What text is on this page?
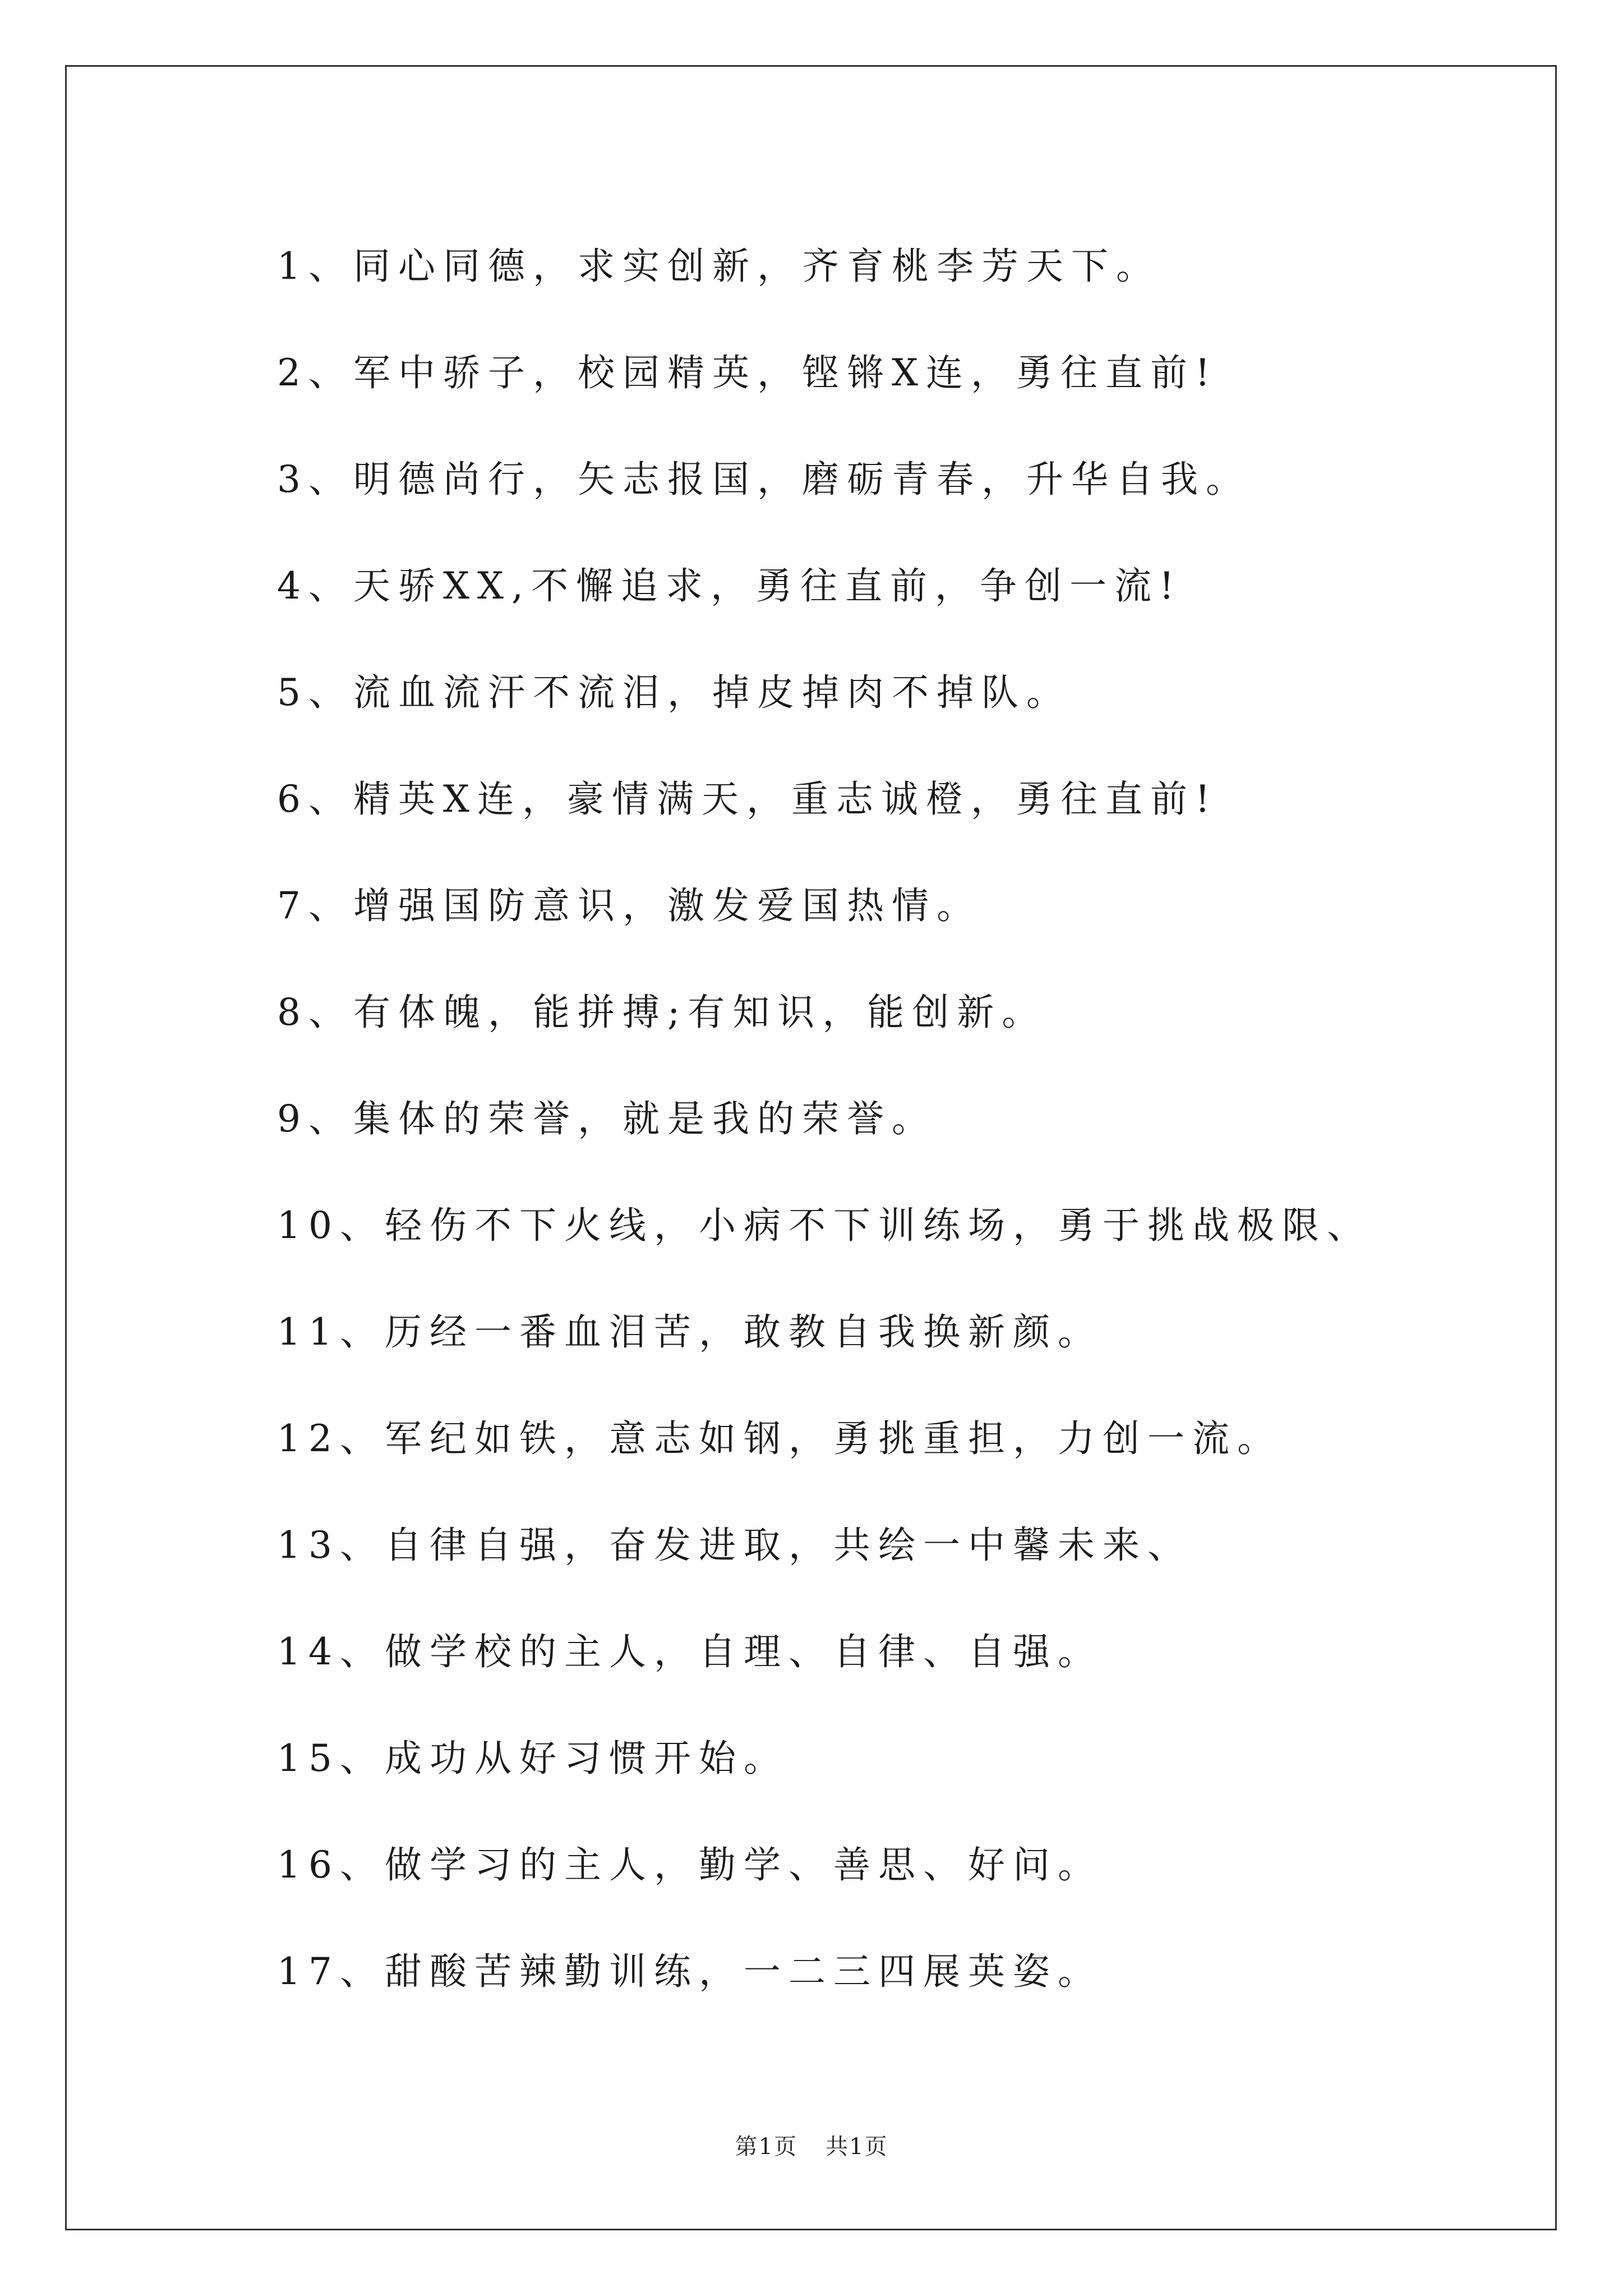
1、同心同德，求实创新，齐育桃李芳天下。
2、军中骄子，校园精英，铿锵X连，勇往直前!
3、明德尚行，矢志报国，磨砺青春，升华自我。
4、天骄XX,不懈追求，勇往直前，争创一流!
5、流血流汗不流泪，掉皮掉肉不掉队。
6、精英X连，豪情满天，重志诚橙，勇往直前!
7、增强国防意识，激发爱国热情。
8、有体魄，能拼搏;有知识，能创新。
9、集体的荣誉，就是我的荣誉。
10、轻伤不下火线，小病不下训练场，勇于挑战极限、
11、历经一番血泪苦，敢教自我换新颜。
12、军纪如铁，意志如钢，勇挑重担，力创一流。
13、自律自强，奋发进取，共绘一中馨未来、
14、做学校的主人，自理、自律、自强。
15、成功从好习惯开始。
16、做学习的主人，勤学、善思、好问。
17、甜酸苦辣勤训练，一二三四展英姿。
第1页 共1页
